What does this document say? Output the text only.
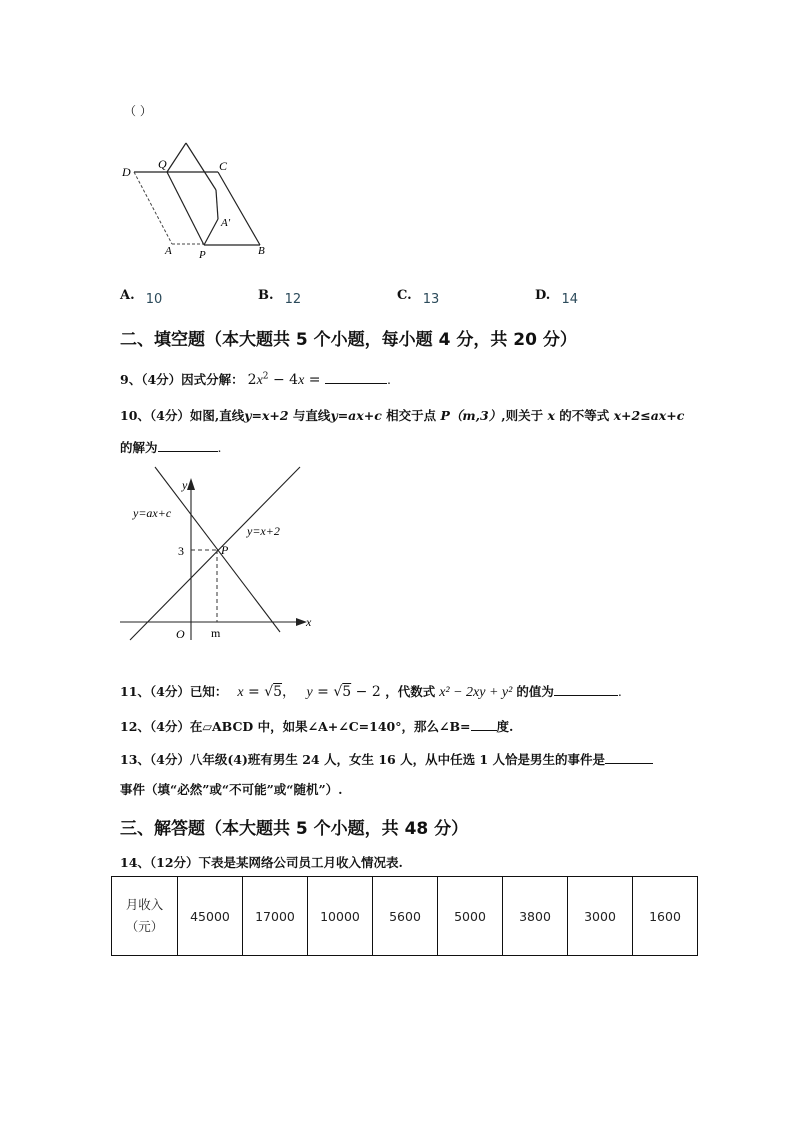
（ ）
D
Q	C
A′
A P	B
A. $_{10}$	B. $_{12}$	C. $_{13}$	D. $_{14}$
二、填空题（本大题共 5 个小题，每小题 4 分，共 20 分）
9、（4分）因式分解： $2x^2 - 4x$ =	.
10、（4分）如图,直线y=x+2 与直线y=ax+c 相交于点 P（m,3）,则关于 x 的不等式 x+2≤ax+c
的解为	.
y=ax+c
y=x+2
y
x
O
3	P
m
11、（4分）已知： x = √5， y = √5 − 2 ，代数式 x² − 2xy + y² 的值为	.
12、（4分）在▱ABCD 中，如果∠A+∠C=140°，那么∠B= 度.
13、（4分）八年级(4)班有男生 24 人，女生 16 人，从中任选 1 人恰是男生的事件是
事件（填“必然”或“不可能”或“随机”）.
三、解答题（本大题共 5 个小题，共 48 分）
14、（12分）下表是某网络公司员工月收入情况表.
月收入
（元）
	45000	17000	10000	5600	5000	3800	3000	1600
